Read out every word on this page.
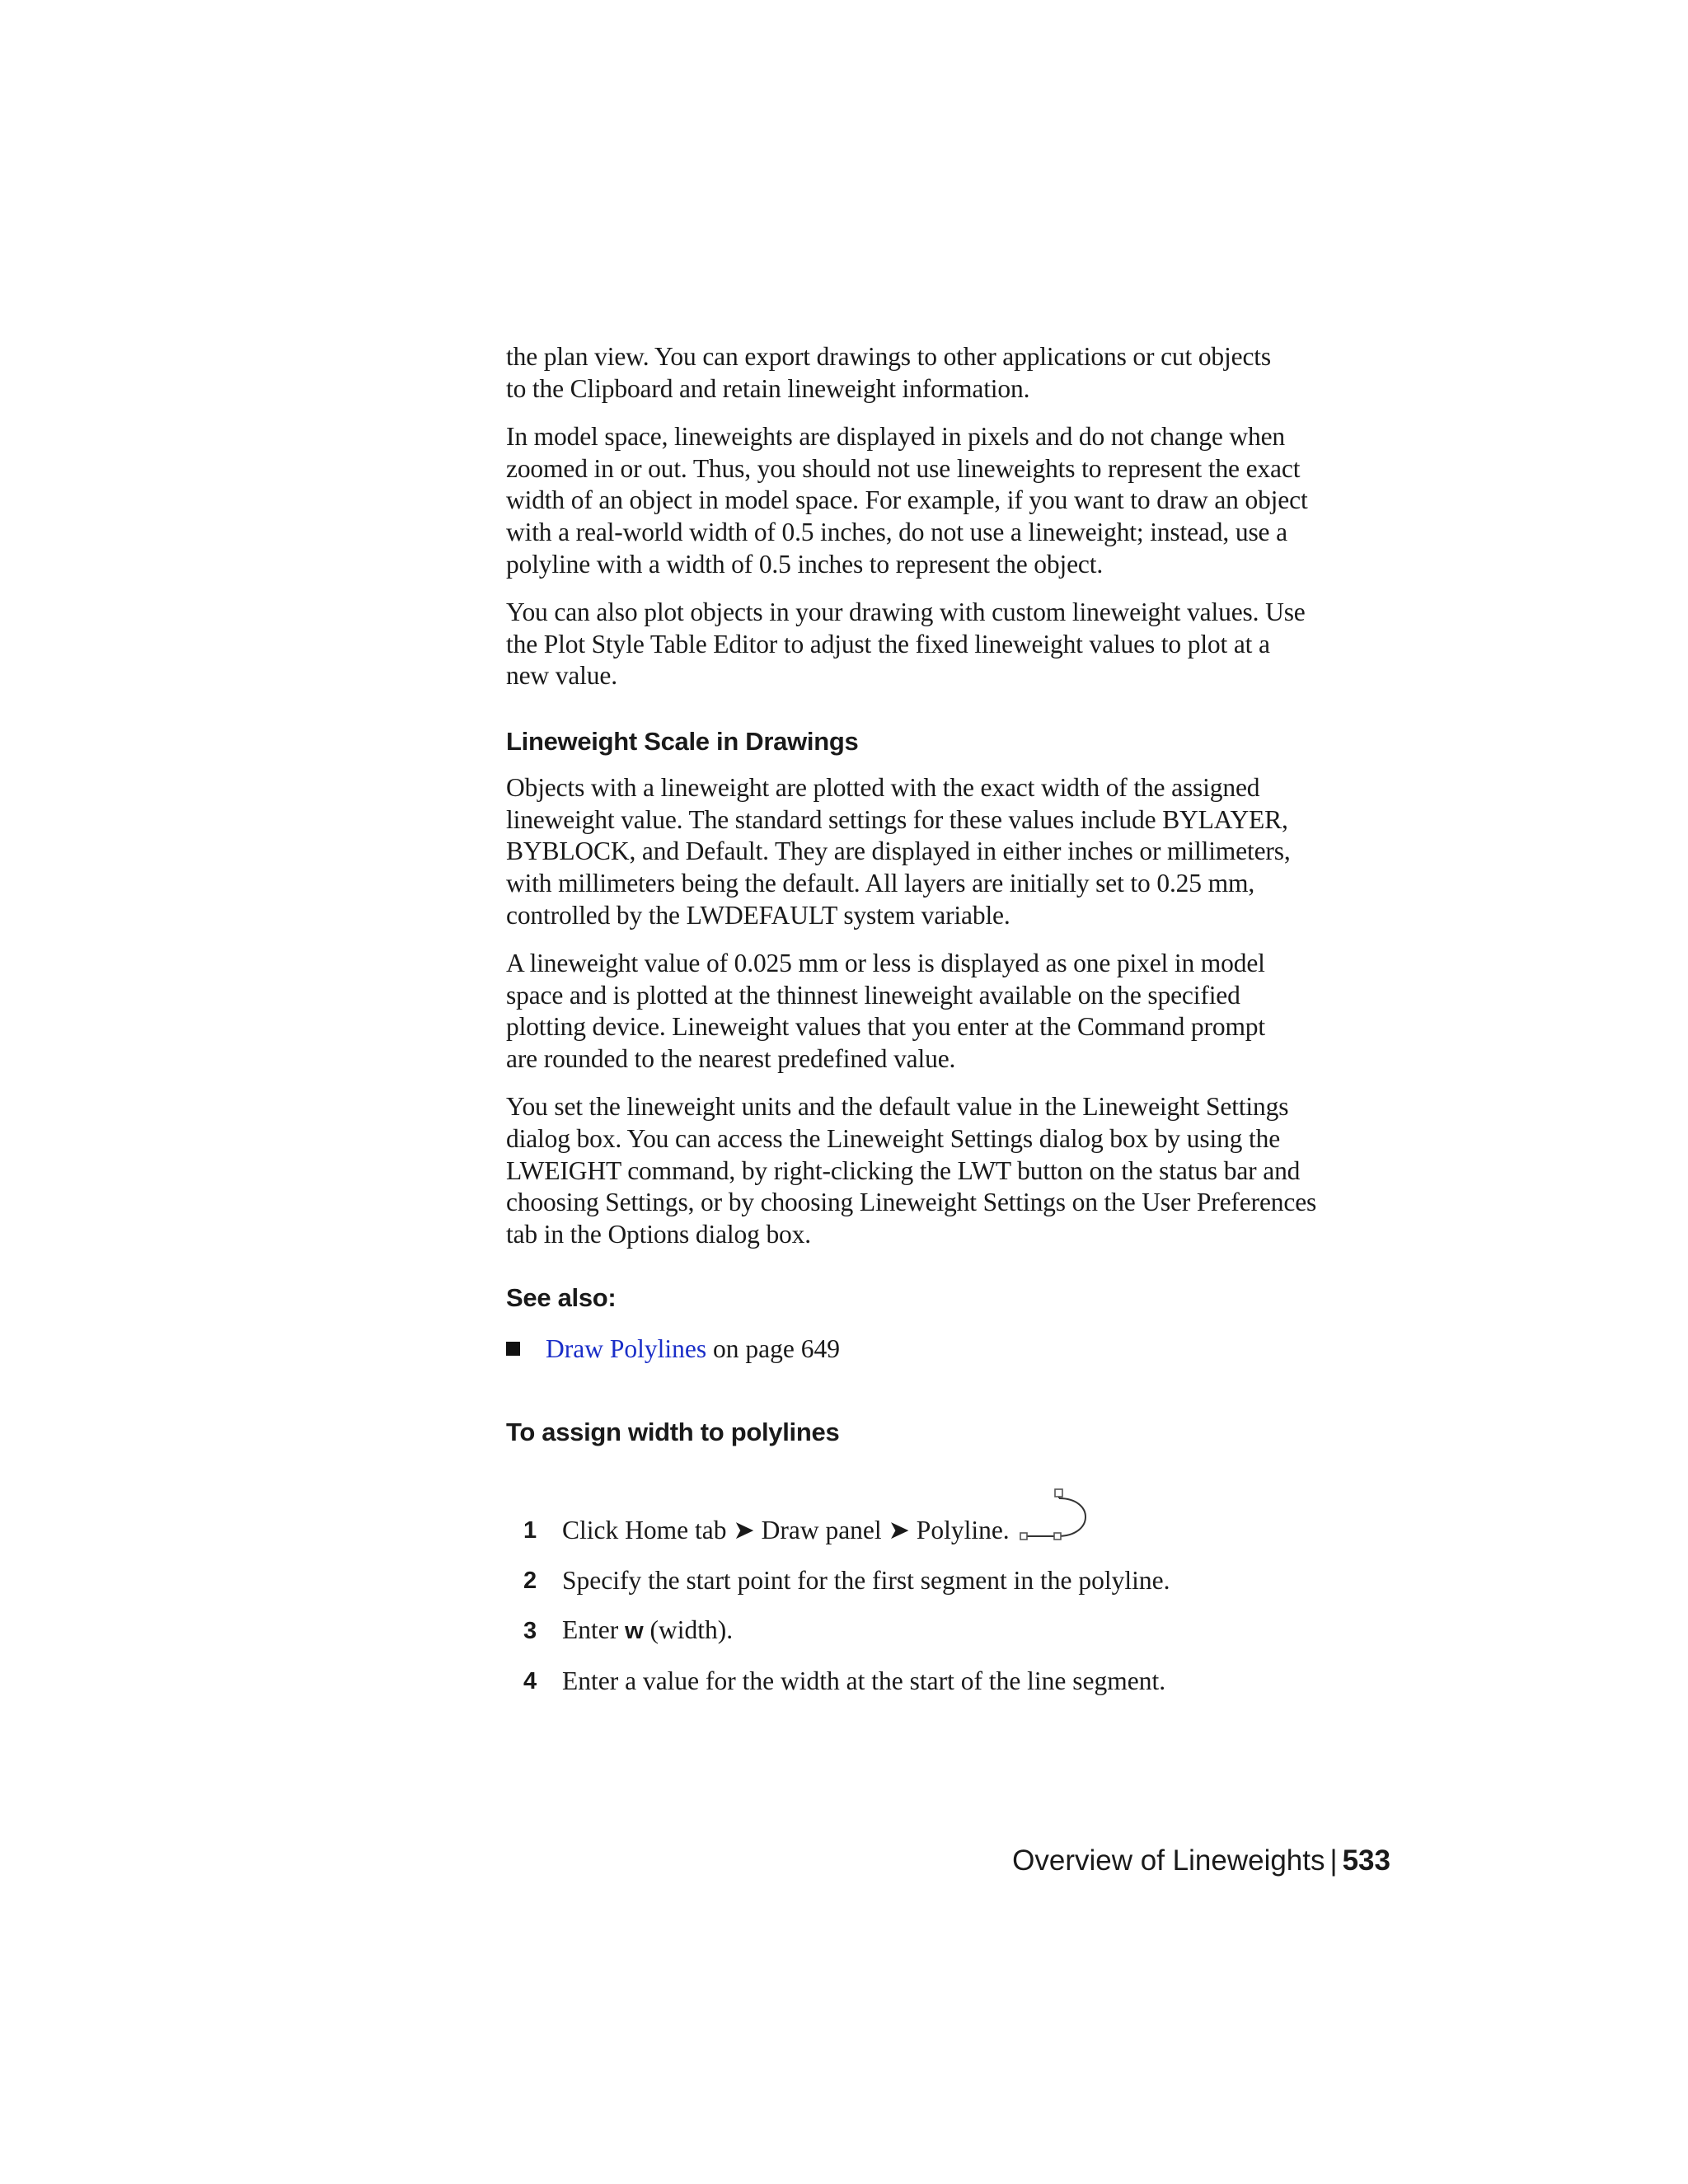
the plan view. You can export drawings to other applications or cut objects
to the Clipboard and retain lineweight information.

In model space, lineweights are displayed in pixels and do not change when
zoomed in or out. Thus, you should not use lineweights to represent the exact
width of an object in model space. For example, if you want to draw an object
with a real-world width of 0.5 inches, do not use a lineweight; instead, use a
polyline with a width of 0.5 inches to represent the object.

You can also plot objects in your drawing with custom lineweight values. Use
the Plot Style Table Editor to adjust the fixed lineweight values to plot at a
new value.

Lineweight Scale in Drawings

Objects with a lineweight are plotted with the exact width of the assigned
lineweight value. The standard settings for these values include BYLAYER,
BYBLOCK, and Default. They are displayed in either inches or millimeters,
with millimeters being the default. All layers are initially set to 0.25 mm,
controlled by the LWDEFAULT system variable.

A lineweight value of 0.025 mm or less is displayed as one pixel in model
space and is plotted at the thinnest lineweight available on the specified
plotting device. Lineweight values that you enter at the Command prompt
are rounded to the nearest predefined value.

You set the lineweight units and the default value in the Lineweight Settings
dialog box. You can access the Lineweight Settings dialog box by using the
LWEIGHT command, by right-clicking the LWT button on the status bar and
choosing Settings, or by choosing Lineweight Settings on the User Preferences
tab in the Options dialog box.

See also:
Draw Polylines on page 649
To assign width to polylines
1 Click Home tab ➤ Draw panel ➤ Polyline.
2 Specify the start point for the first segment in the polyline.
3 Enter w (width).
4 Enter a value for the width at the start of the line segment.
Overview of Lineweights | 533
